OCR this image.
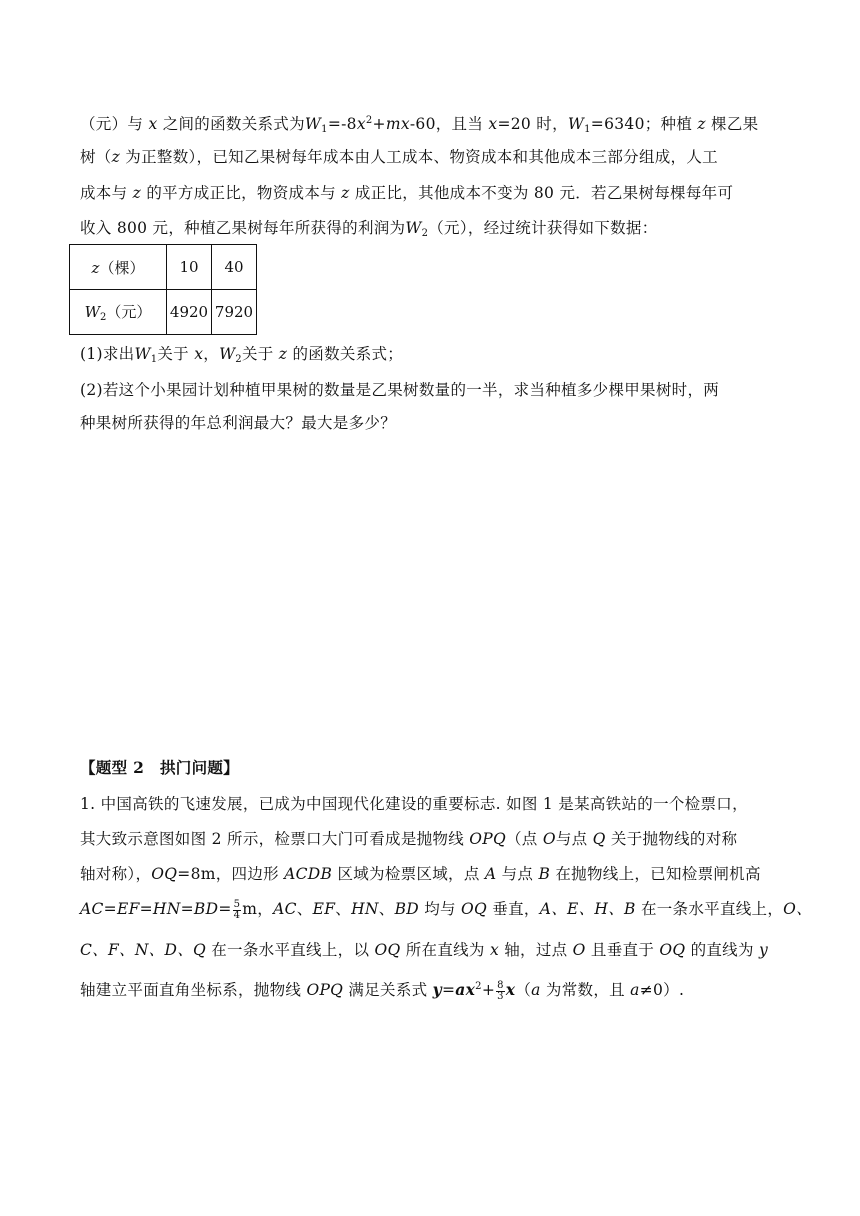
（元）与 x 之间的函数关系式为$W_1=-8x^2+mx-60$，且当 x=20 时，$W_1=6340$；种植 z 棵乙果
树（z 为正整数），已知乙果树每年成本由人工成本、物资成本和其他成本三部分组成，人工
成本与 z 的平方成正比，物资成本与 z 成正比，其他成本不变为 80 元．若乙果树每棵每年可
收入 800 元，种植乙果树每年所获得的利润为$W_2$（元），经过统计获得如下数据：
z（棵）	10	40
$W_2$（元）	4920	7920
(1)求出$W_1$关于 x，$W_2$关于 z 的函数关系式；
(2)若这个小果园计划种植甲果树的数量是乙果树数量的一半，求当种植多少棵甲果树时，两
种果树所获得的年总利润最大？最大是多少？
【题型 2　拱门问题】
1. 中国高铁的飞速发展，已成为中国现代化建设的重要标志. 如图 1 是某高铁站的一个检票口，
其大致示意图如图 2 所示，检票口大门可看成是抛物线 OPQ（点 O与点 Q 关于抛物线的对称
轴对称），OQ=8m，四边形 ACDB 区域为检票区域，点 A 与点 B 在抛物线上，已知检票闸机高
$AC=EF=HN=BD= \frac{5}{4}$ m，AC、EF、HN、BD 均与 OQ 垂直，A、E、H、B 在一条水平直线上，O、
C、F、N、D、Q 在一条水平直线上，以 OQ 所在直线为 x 轴，过点 O 且垂直于 OQ 的直线为 y
轴建立平面直角坐标系，抛物线 OPQ 满足关系式 $y=ax^2+ \frac{8}{3} x(a$ 为常数，且 a≠0）.
